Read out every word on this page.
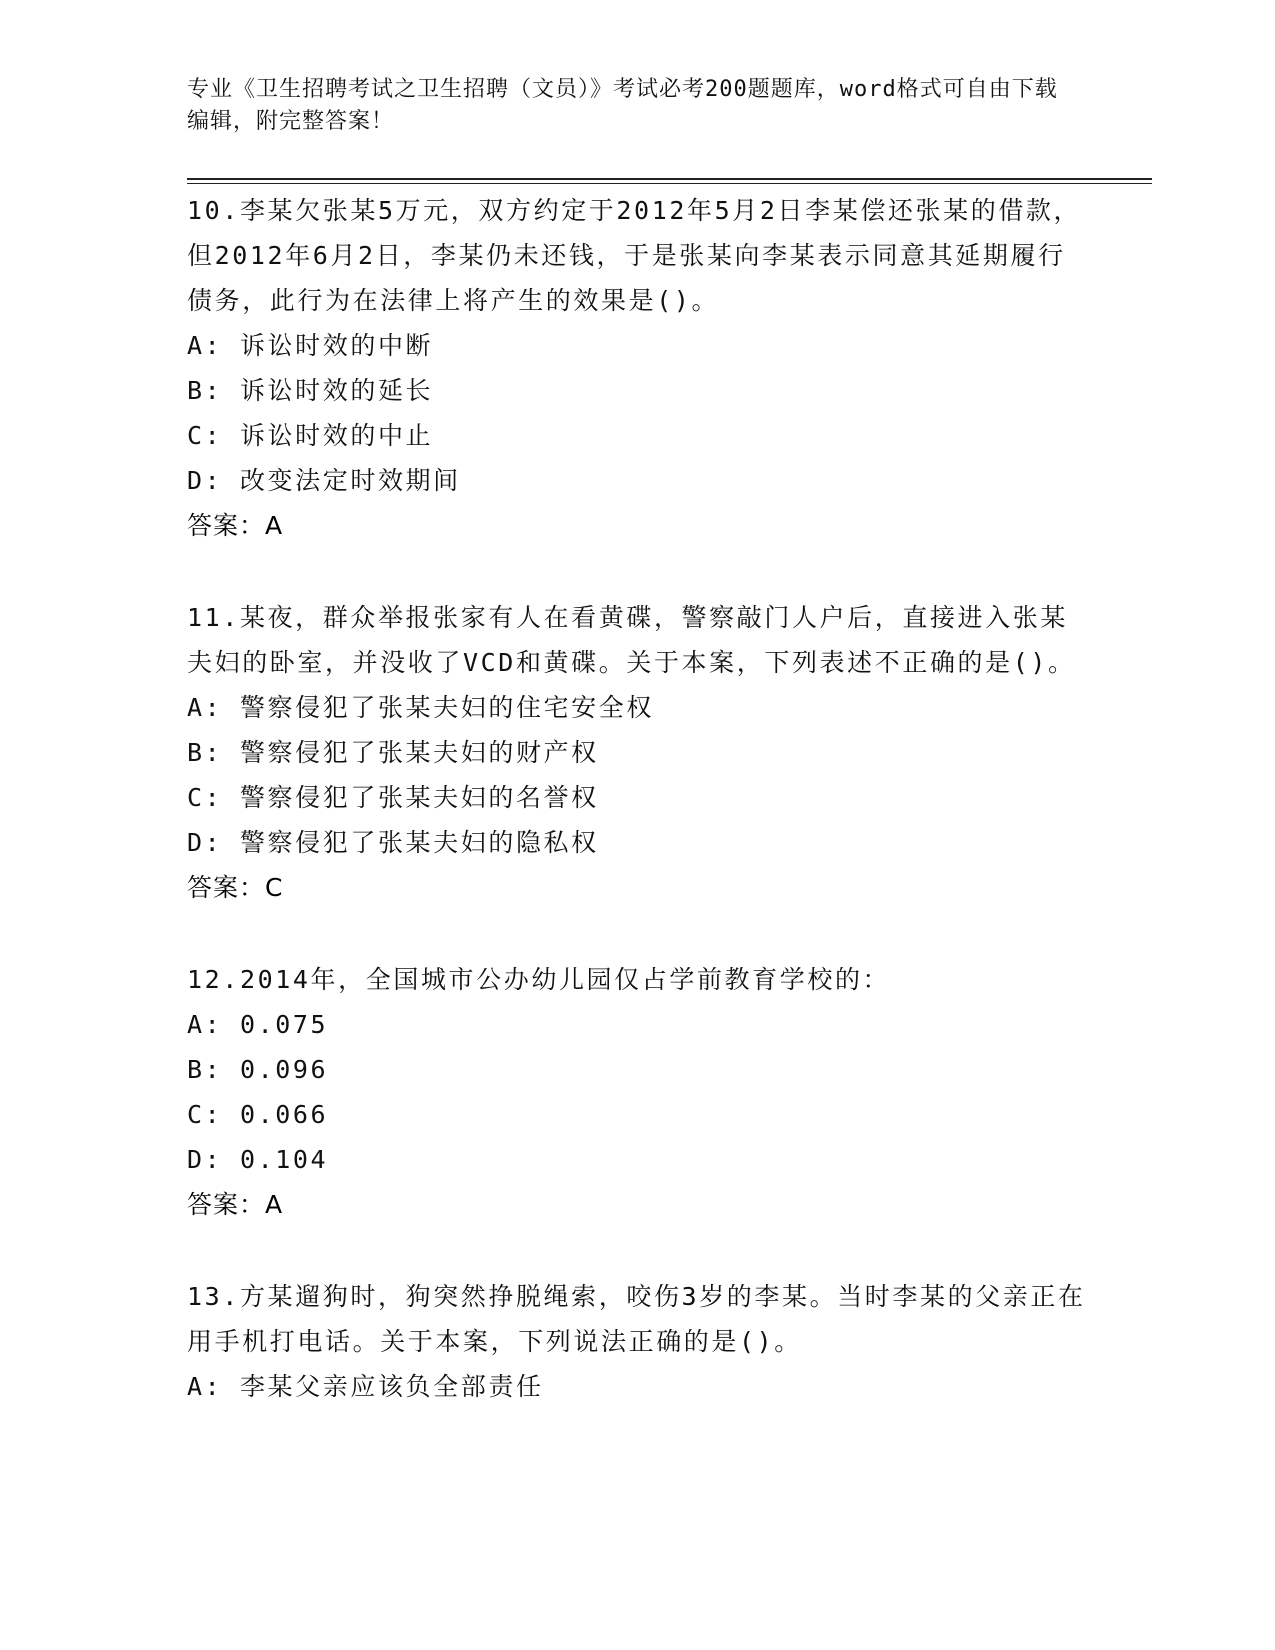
专业《卫生招聘考试之卫生招聘（文员）》考试必考200题题库，word格式可自由下载编辑，附完整答案！

10.李某欠张某5万元，双方约定于2012年5月2日李某偿还张某的借款，但2012年6月2日，李某仍未还钱，于是张某向李某表示同意其延期履行债务，此行为在法律上将产生的效果是()。

A: 诉讼时效的中断

B: 诉讼时效的延长

C: 诉讼时效的中止

D: 改变法定时效期间

答案：A

11.某夜，群众举报张家有人在看黄碟，警察敲门人户后，直接进入张某夫妇的卧室，并没收了VCD和黄碟。关于本案，下列表述不正确的是()。

A: 警察侵犯了张某夫妇的住宅安全权

B: 警察侵犯了张某夫妇的财产权

C: 警察侵犯了张某夫妇的名誉权

D: 警察侵犯了张某夫妇的隐私权

答案：C

12.2014年，全国城市公办幼儿园仅占学前教育学校的：

A: 0.075

B: 0.096

C: 0.066

D: 0.104

答案：A

13.方某遛狗时，狗突然挣脱绳索，咬伤3岁的李某。当时李某的父亲正在用手机打电话。关于本案，下列说法正确的是()。

A: 李某父亲应该负全部责任
